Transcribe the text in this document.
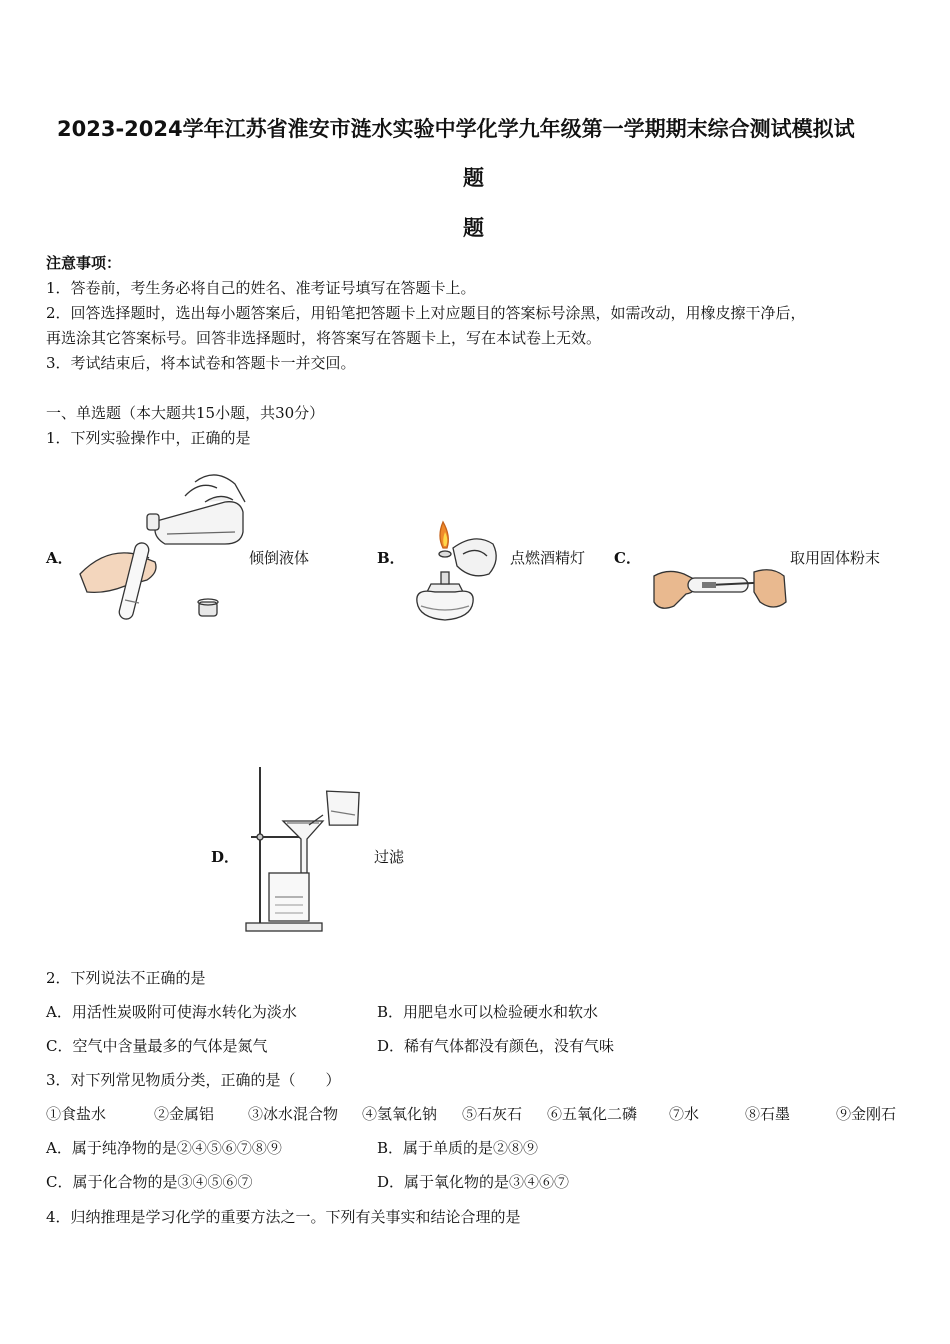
2023-2024学年江苏省淮安市涟水实验中学化学九年级第一学期期末综合测试模拟试
题
题
注意事项：
1．答卷前，考生务必将自己的姓名、准考证号填写在答题卡上。
2．回答选择题时，选出每小题答案后，用铅笔把答题卡上对应题目的答案标号涂黑，如需改动，用橡皮擦干净后，
再选涂其它答案标号。回答非选择题时，将答案写在答题卡上，写在本试卷上无效。
3．考试结束后，将本试卷和答题卡一并交回。
一、单选题（本大题共15小题，共30分）
1．下列实验操作中，正确的是
A．	倾倒液体	B．	点燃酒精灯 C．	取用固体粉末
D．	过滤
2．下列说法不正确的是
A．用活性炭吸附可使海水转化为淡水	B．用肥皂水可以检验硬水和软水
C．空气中含量最多的气体是氮气	D．稀有气体都没有颜色，没有气味
3．对下列常见物质分类，正确的是（　　）
①食盐水	②金属铝 ③冰水混合物 ④氢氧化钠 ⑤石灰石 ⑥五氧化二磷 ⑦水	⑧石墨	⑨金刚石
A．属于纯净物的是②④⑤⑥⑦⑧⑨	B．属于单质的是②⑧⑨
C．属于化合物的是③④⑤⑥⑦	D．属于氧化物的是③④⑥⑦
4．归纳推理是学习化学的重要方法之一。下列有关事实和结论合理的是
